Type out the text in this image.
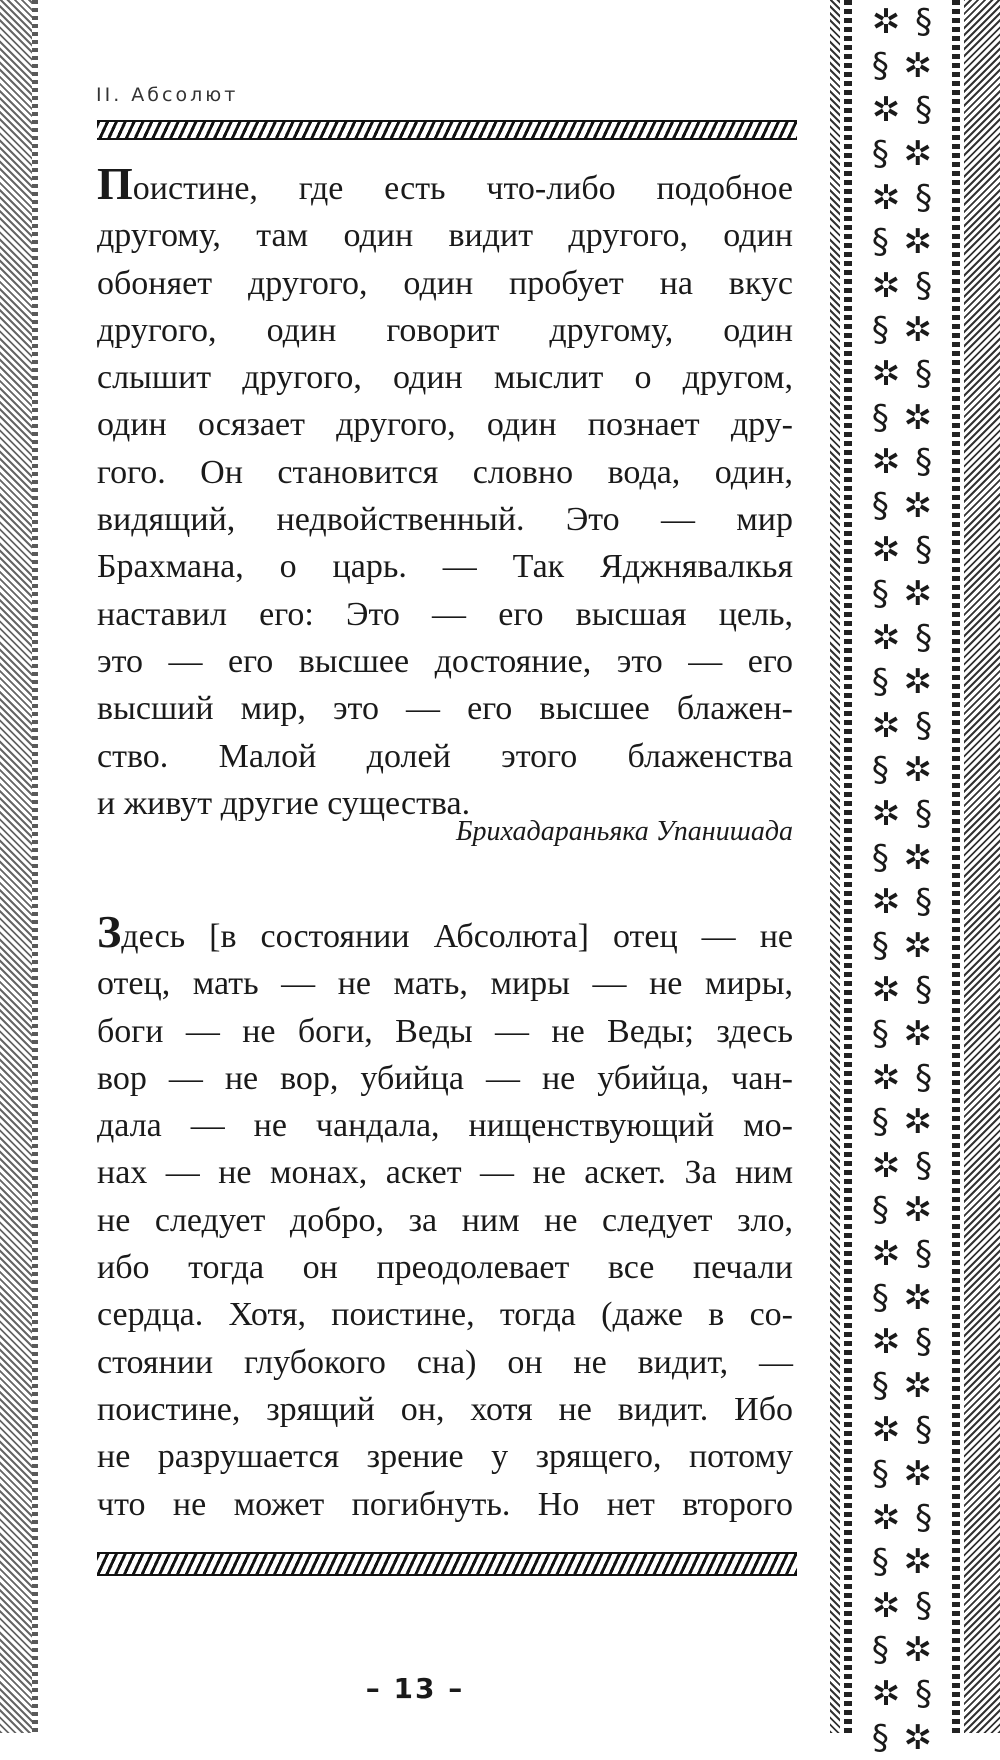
✲ §
§ ✲
✲ §
§ ✲
✲ §
§ ✲
✲ §
§ ✲
✲ §
§ ✲
✲ §
§ ✲
✲ §
§ ✲
✲ §
§ ✲
✲ §
§ ✲
✲ §
§ ✲
✲ §
§ ✲
✲ §
§ ✲
✲ §
§ ✲
✲ §
§ ✲
✲ §
§ ✲
✲ §
§ ✲
✲ §
§ ✲
✲ §
§ ✲
✲ §
§ ✲
✲ §
§ ✲

II. Абсолют
Поистине, где есть что-либо подобное
другому, там один видит другого, один
обоняет другого, один пробует на вкус
другого, один говорит другому, один
слышит другого, один мыслит о другом,
один осязает другого, один познает дру-
гого. Он становится словно вода, один,
видящий, недвойственный. Это — мир
Брахмана, о царь. — Так Яджнявалкья
наставил его: Это — его высшая цель,
это — его высшее достояние, это — его
высший мир, это — его высшее блажен-
ство. Малой долей этого блаженства
и живут другие существа.
Брихадараньяка Упанишада
Здесь [в состоянии Абсолюта] отец — не
отец, мать — не мать, миры — не миры,
боги — не боги, Веды — не Веды; здесь
вор — не вор, убийца — не убийца, чан-
дала — не чандала, нищенствующий мо-
нах — не монах, аскет — не аскет. За ним
не следует добро, за ним не следует зло,
ибо тогда он преодолевает все печали
сердца. Хотя, поистине, тогда (даже в со-
стоянии глубокого сна) он не видит, —
поистине, зрящий он, хотя не видит. Ибо
не разрушается зрение у зрящего, потому
что не может погибнуть. Но нет второго
– 13 –
